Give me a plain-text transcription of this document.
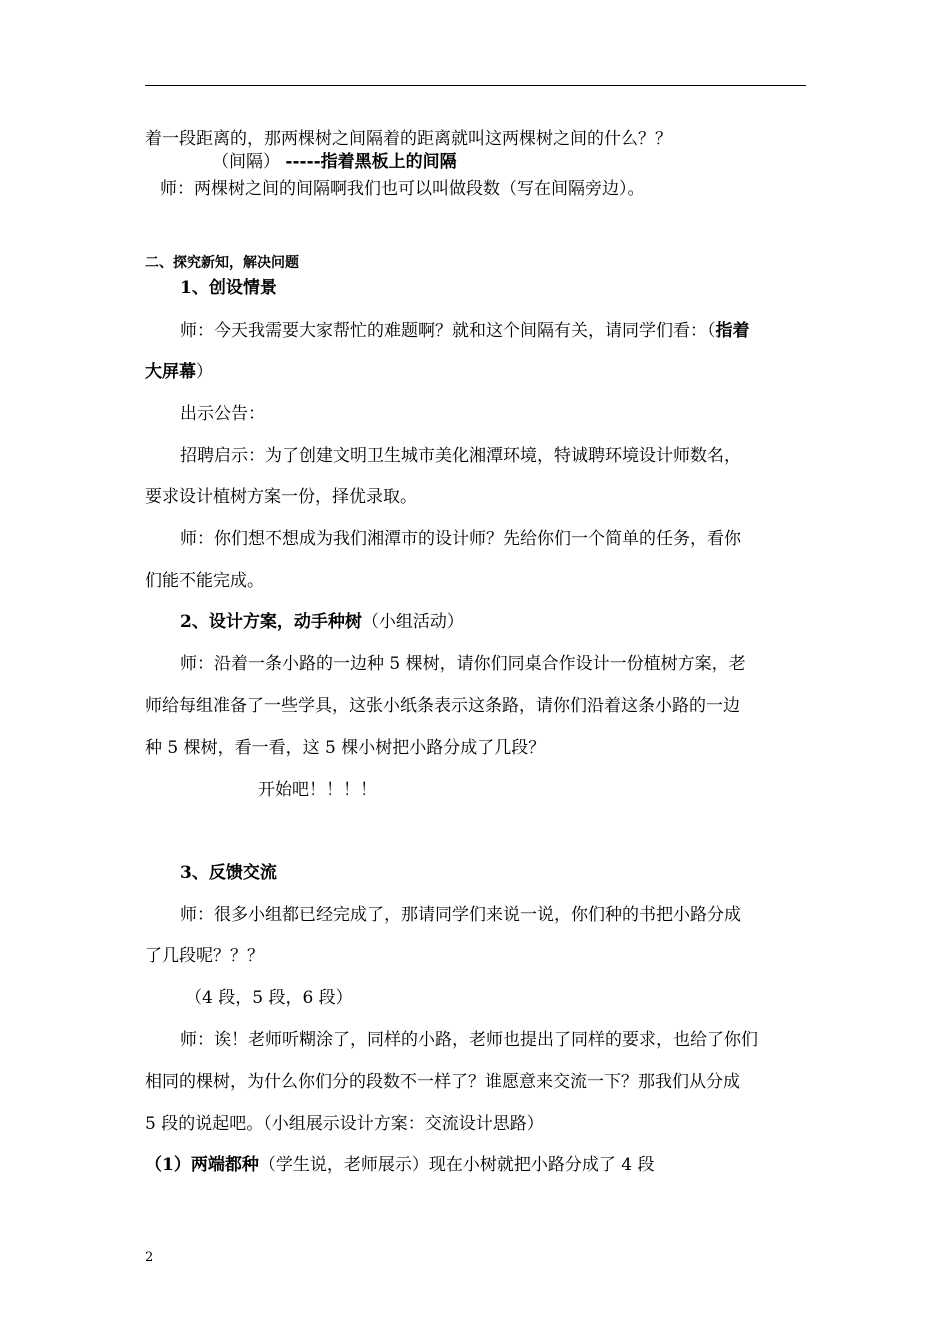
着一段距离的，那两棵树之间隔着的距离就叫这两棵树之间的什么？？
（间隔） -----指着黑板上的间隔
师：两棵树之间的间隔啊我们也可以叫做段数（写在间隔旁边）。
二、探究新知，解决问题
1、创设情景
师：今天我需要大家帮忙的难题啊？就和这个间隔有关，请同学们看：（指着
大屏幕）
出示公告：
招聘启示：为了创建文明卫生城市美化湘潭环境，特诚聘环境设计师数名，
要求设计植树方案一份，择优录取。
师：你们想不想成为我们湘潭市的设计师？先给你们一个简单的任务，看你
们能不能完成。
2、设计方案，动手种树（小组活动）
师：沿着一条小路的一边种 5 棵树，请你们同桌合作设计一份植树方案，老
师给每组准备了一些学具，这张小纸条表示这条路，请你们沿着这条小路的一边
种 5 棵树，看一看，这 5 棵小树把小路分成了几段？
开始吧！！！！
3、反馈交流
师：很多小组都已经完成了，那请同学们来说一说，你们种的书把小路分成
了几段呢？？？
（4 段，5 段，6 段）
师：诶！老师听糊涂了，同样的小路，老师也提出了同样的要求，也给了你们
相同的棵树，为什么你们分的段数不一样了？谁愿意来交流一下？那我们从分成
5 段的说起吧。（小组展示设计方案：交流设计思路）
（1）两端都种（学生说，老师展示）现在小树就把小路分成了 4 段
2
